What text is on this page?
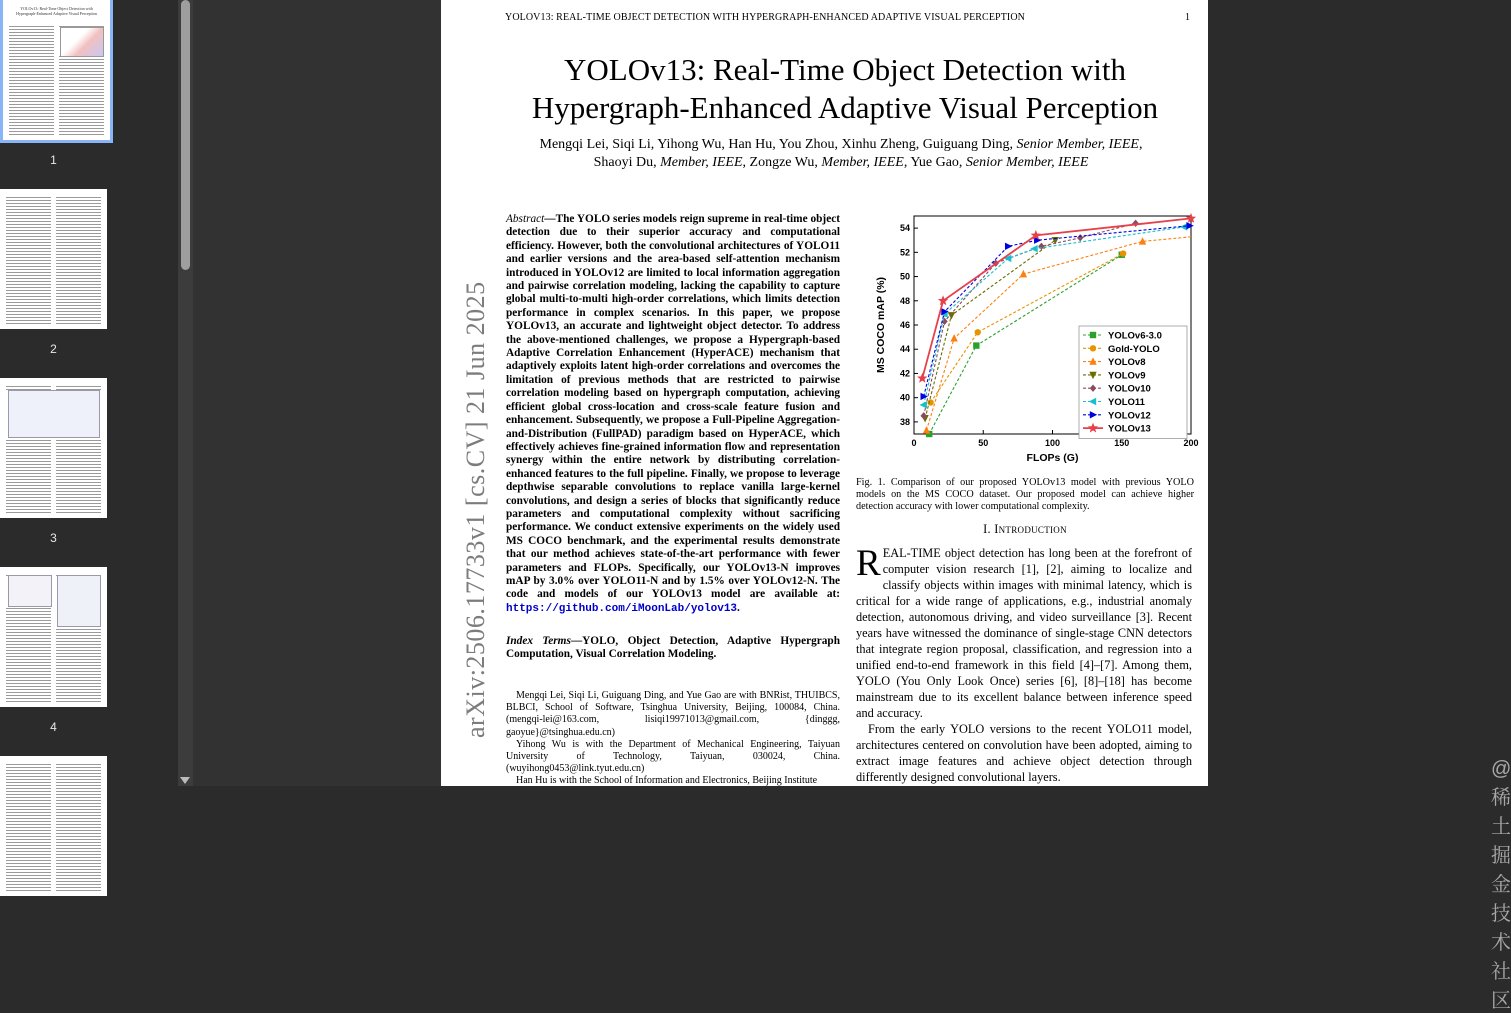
YOLOv13: Real-Time Object Detection with
Hypergraph-Enhanced Adaptive Visual Perception
1
2
3
4
YOLOV13: REAL-TIME OBJECT DETECTION WITH HYPERGRAPH-ENHANCED ADAPTIVE VISUAL PERCEPTION	1
YOLOv13: Real-Time Object Detection with
Hypergraph-Enhanced Adaptive Visual Perception
Mengqi Lei, Siqi Li, Yihong Wu, Han Hu, You Zhou, Xinhu Zheng, Guiguang Ding, Senior Member, IEEE,
Shaoyi Du, Member, IEEE, Zongze Wu, Member, IEEE, Yue Gao, Senior Member, IEEE
arXiv:2506.17733v1 [cs.CV] 21 Jun 2025
Abstract—The YOLO series models reign supreme in real-time object detection due to their superior accuracy and computational efficiency. However, both the convolutional architectures of YOLO11 and earlier versions and the area-based self-attention mechanism introduced in YOLOv12 are limited to local information aggregation and pairwise correlation modeling, lacking the capability to capture global multi-to-multi high-order correlations, which limits detection performance in complex scenarios. In this paper, we propose YOLOv13, an accurate and lightweight object detector. To address the above-mentioned challenges, we propose a Hypergraph-based Adaptive Correlation Enhancement (HyperACE) mechanism that adaptively exploits latent high-order correlations and overcomes the limitation of previous methods that are restricted to pairwise correlation modeling based on hypergraph computation, achieving efficient global cross-location and cross-scale feature fusion and enhancement. Subsequently, we propose a Full-Pipeline Aggregation-and-Distribution (FullPAD) paradigm based on HyperACE, which effectively achieves fine-grained information flow and representation synergy within the entire network by distributing correlation-enhanced features to the full pipeline. Finally, we propose to leverage depthwise separable convolutions to replace vanilla large-kernel convolutions, and design a series of blocks that significantly reduce parameters and computational complexity without sacrificing performance. We conduct extensive experiments on the widely used MS COCO benchmark, and the experimental results demonstrate that our method achieves state-of-the-art performance with fewer parameters and FLOPs. Specifically, our YOLOv13-N improves mAP by 3.0% over YOLO11-N and by 1.5% over YOLOv12-N. The code and models of our YOLOv13 model are available at: https://github.com/iMoonLab/yolov13.
Index Terms—YOLO, Object Detection, Adaptive Hypergraph Computation, Visual Correlation Modeling.

Mengqi Lei, Siqi Li, Guiguang Ding, and Yue Gao are with BNRist, THUIBCS, BLBCI, School of Software, Tsinghua University, Beijing, 100084, China. (mengqi-lei@163.com, lisiqi19971013@gmail.com, {dinggg, gaoyue}@tsinghua.edu.cn)

Yihong Wu is with the Department of Mechanical Engineering, Taiyuan University of Technology, Taiyuan, 030024, China. (wuyihong0453@link.tyut.edu.cn)

Han Hu is with the School of Information and Electronics, Beijing Institute

0	50	100	150	200
38
40
42
44
46
48
50
52
54
FLOPs (G)
MS COCO mAP (%)	YOLOv6-3.0
Gold-YOLO
YOLOv8
YOLOv9
YOLOv10
YOLO11
YOLOv12
YOLOv13
Fig. 1. Comparison of our proposed YOLOv13 model with previous YOLO models on the MS COCO dataset. Our proposed model can achieve higher detection accuracy with lower computational complexity.
I. Introduction

REAL-TIME object detection has long been at the forefront of computer vision research [1], [2], aiming to localize and classify objects within images with minimal latency, which is critical for a wide range of applications, e.g., industrial anomaly detection, autonomous driving, and video surveillance [3]. Recent years have witnessed the dominance of single-stage CNN detectors that integrate region proposal, classification, and regression into a unified end-to-end framework in this field [4]–[7]. Among them, YOLO (You Only Look Once) series [6], [8]–[18] has become mainstream due to its excellent balance between inference speed and accuracy.

From the early YOLO versions to the recent YOLO11 model, architectures centered on convolution have been adopted, aiming to extract image features and achieve object detection through differently designed convolutional layers.	@稀土掘金技术社区
